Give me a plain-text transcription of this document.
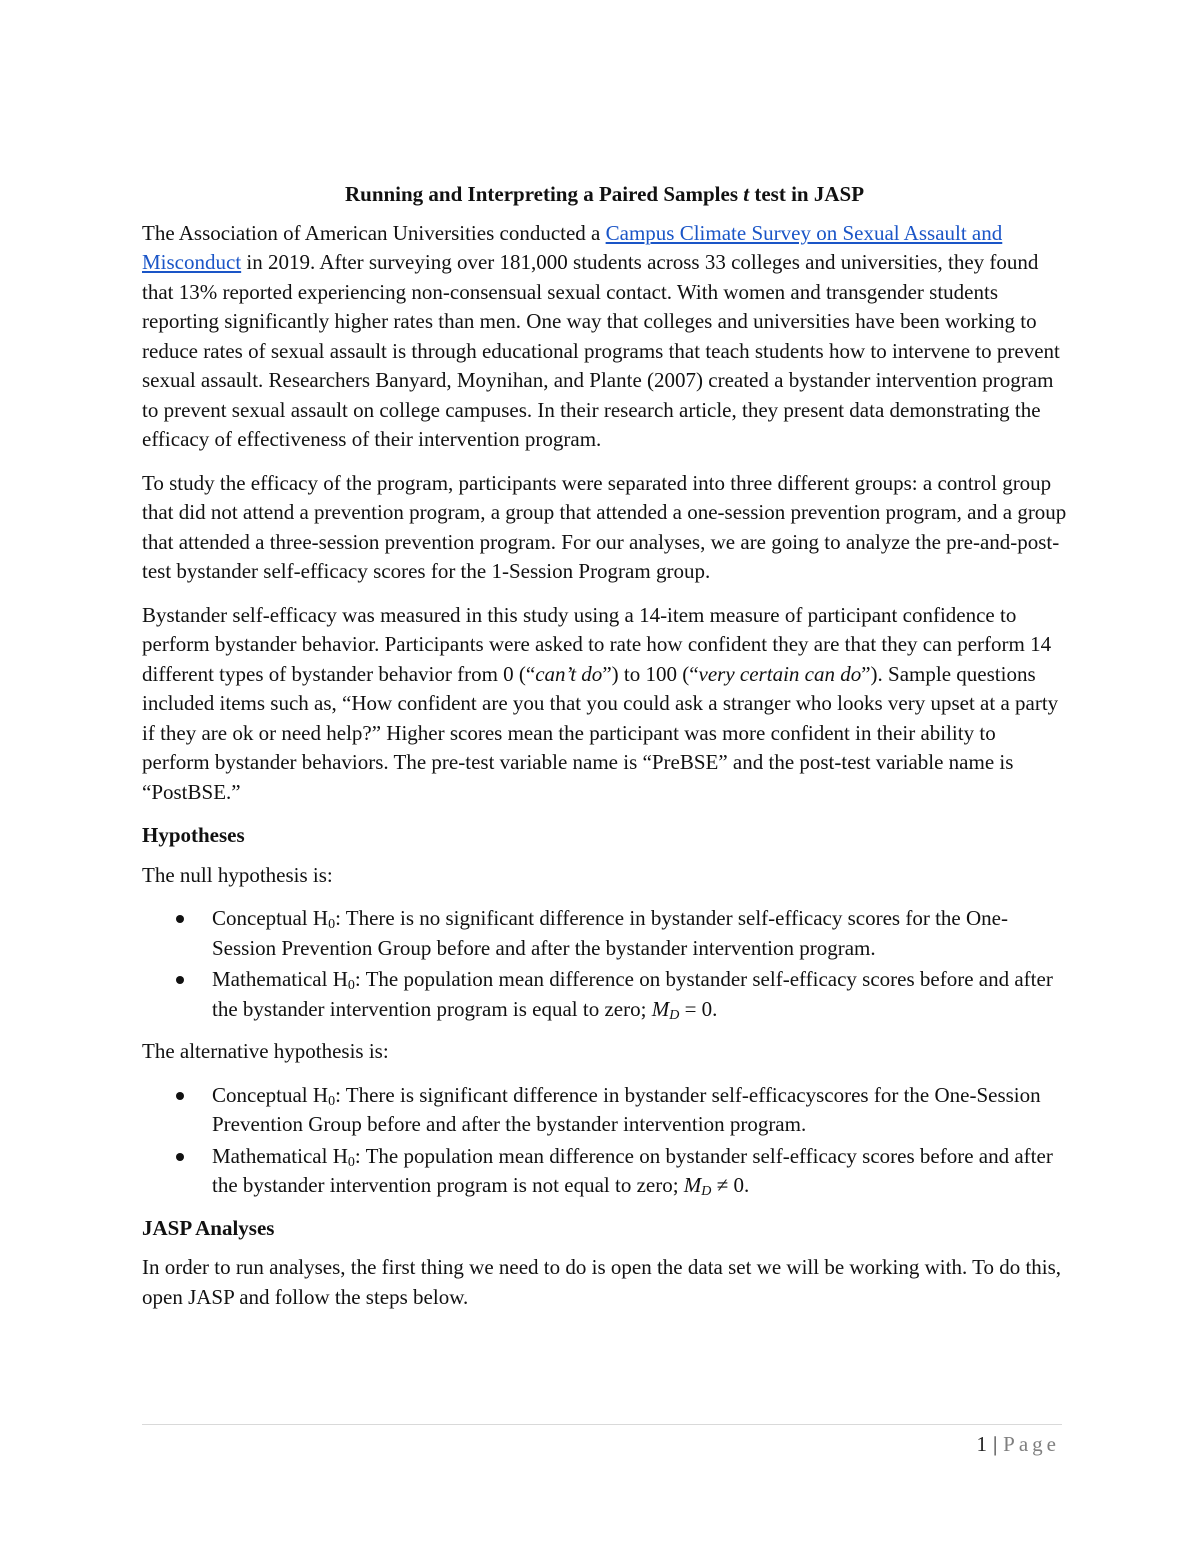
Running and Interpreting a Paired Samples t test in JASP

The Association of American Universities conducted a Campus Climate Survey on Sexual Assault and Misconduct in 2019. After surveying over 181,000 students across 33 colleges and universities, they found that 13% reported experiencing non-consensual sexual contact. With women and transgender students reporting significantly higher rates than men. One way that colleges and universities have been working to reduce rates of sexual assault is through educational programs that teach students how to intervene to prevent sexual assault. Researchers Banyard, Moynihan, and Plante (2007) created a bystander intervention program to prevent sexual assault on college campuses. In their research article, they present data demonstrating the efficacy of effectiveness of their intervention program.

To study the efficacy of the program, participants were separated into three different groups: a control group that did not attend a prevention program, a group that attended a one-session prevention program, and a group that attended a three-session prevention program. For our analyses, we are going to analyze the pre-and-post-test bystander self-efficacy scores for the 1-Session Program group.

Bystander self-efficacy was measured in this study using a 14-item measure of participant confidence to perform bystander behavior. Participants were asked to rate how confident they are that they can perform 14 different types of bystander behavior from 0 (“can’t do”) to 100 (“very certain can do”). Sample questions included items such as, “How confident are you that you could ask a stranger who looks very upset at a party if they are ok or need help?” Higher scores mean the participant was more confident in their ability to perform bystander behaviors. The pre-test variable name is “PreBSE” and the post-test variable name is “PostBSE.”

Hypotheses

The null hypothesis is:

Conceptual $H_0$: There is no significant difference in bystander self-efficacy scores for the One-Session Prevention Group before and after the bystander intervention program.
Mathematical $H_0$: The population mean difference on bystander self-efficacy scores before and after the bystander intervention program is equal to zero; $M_D = 0$.

The alternative hypothesis is:

Conceptual $H_0$: There is significant difference in bystander self-efficacyscores for the One-Session Prevention Group before and after the bystander intervention program.
Mathematical $H_0$: The population mean difference on bystander self-efficacy scores before and after the bystander intervention program is not equal to zero; $M_D \ne 0$.
JASP Analyses

In order to run analyses, the first thing we need to do is open the data set we will be working with. To do this, open JASP and follow the steps below.

1 | Page
